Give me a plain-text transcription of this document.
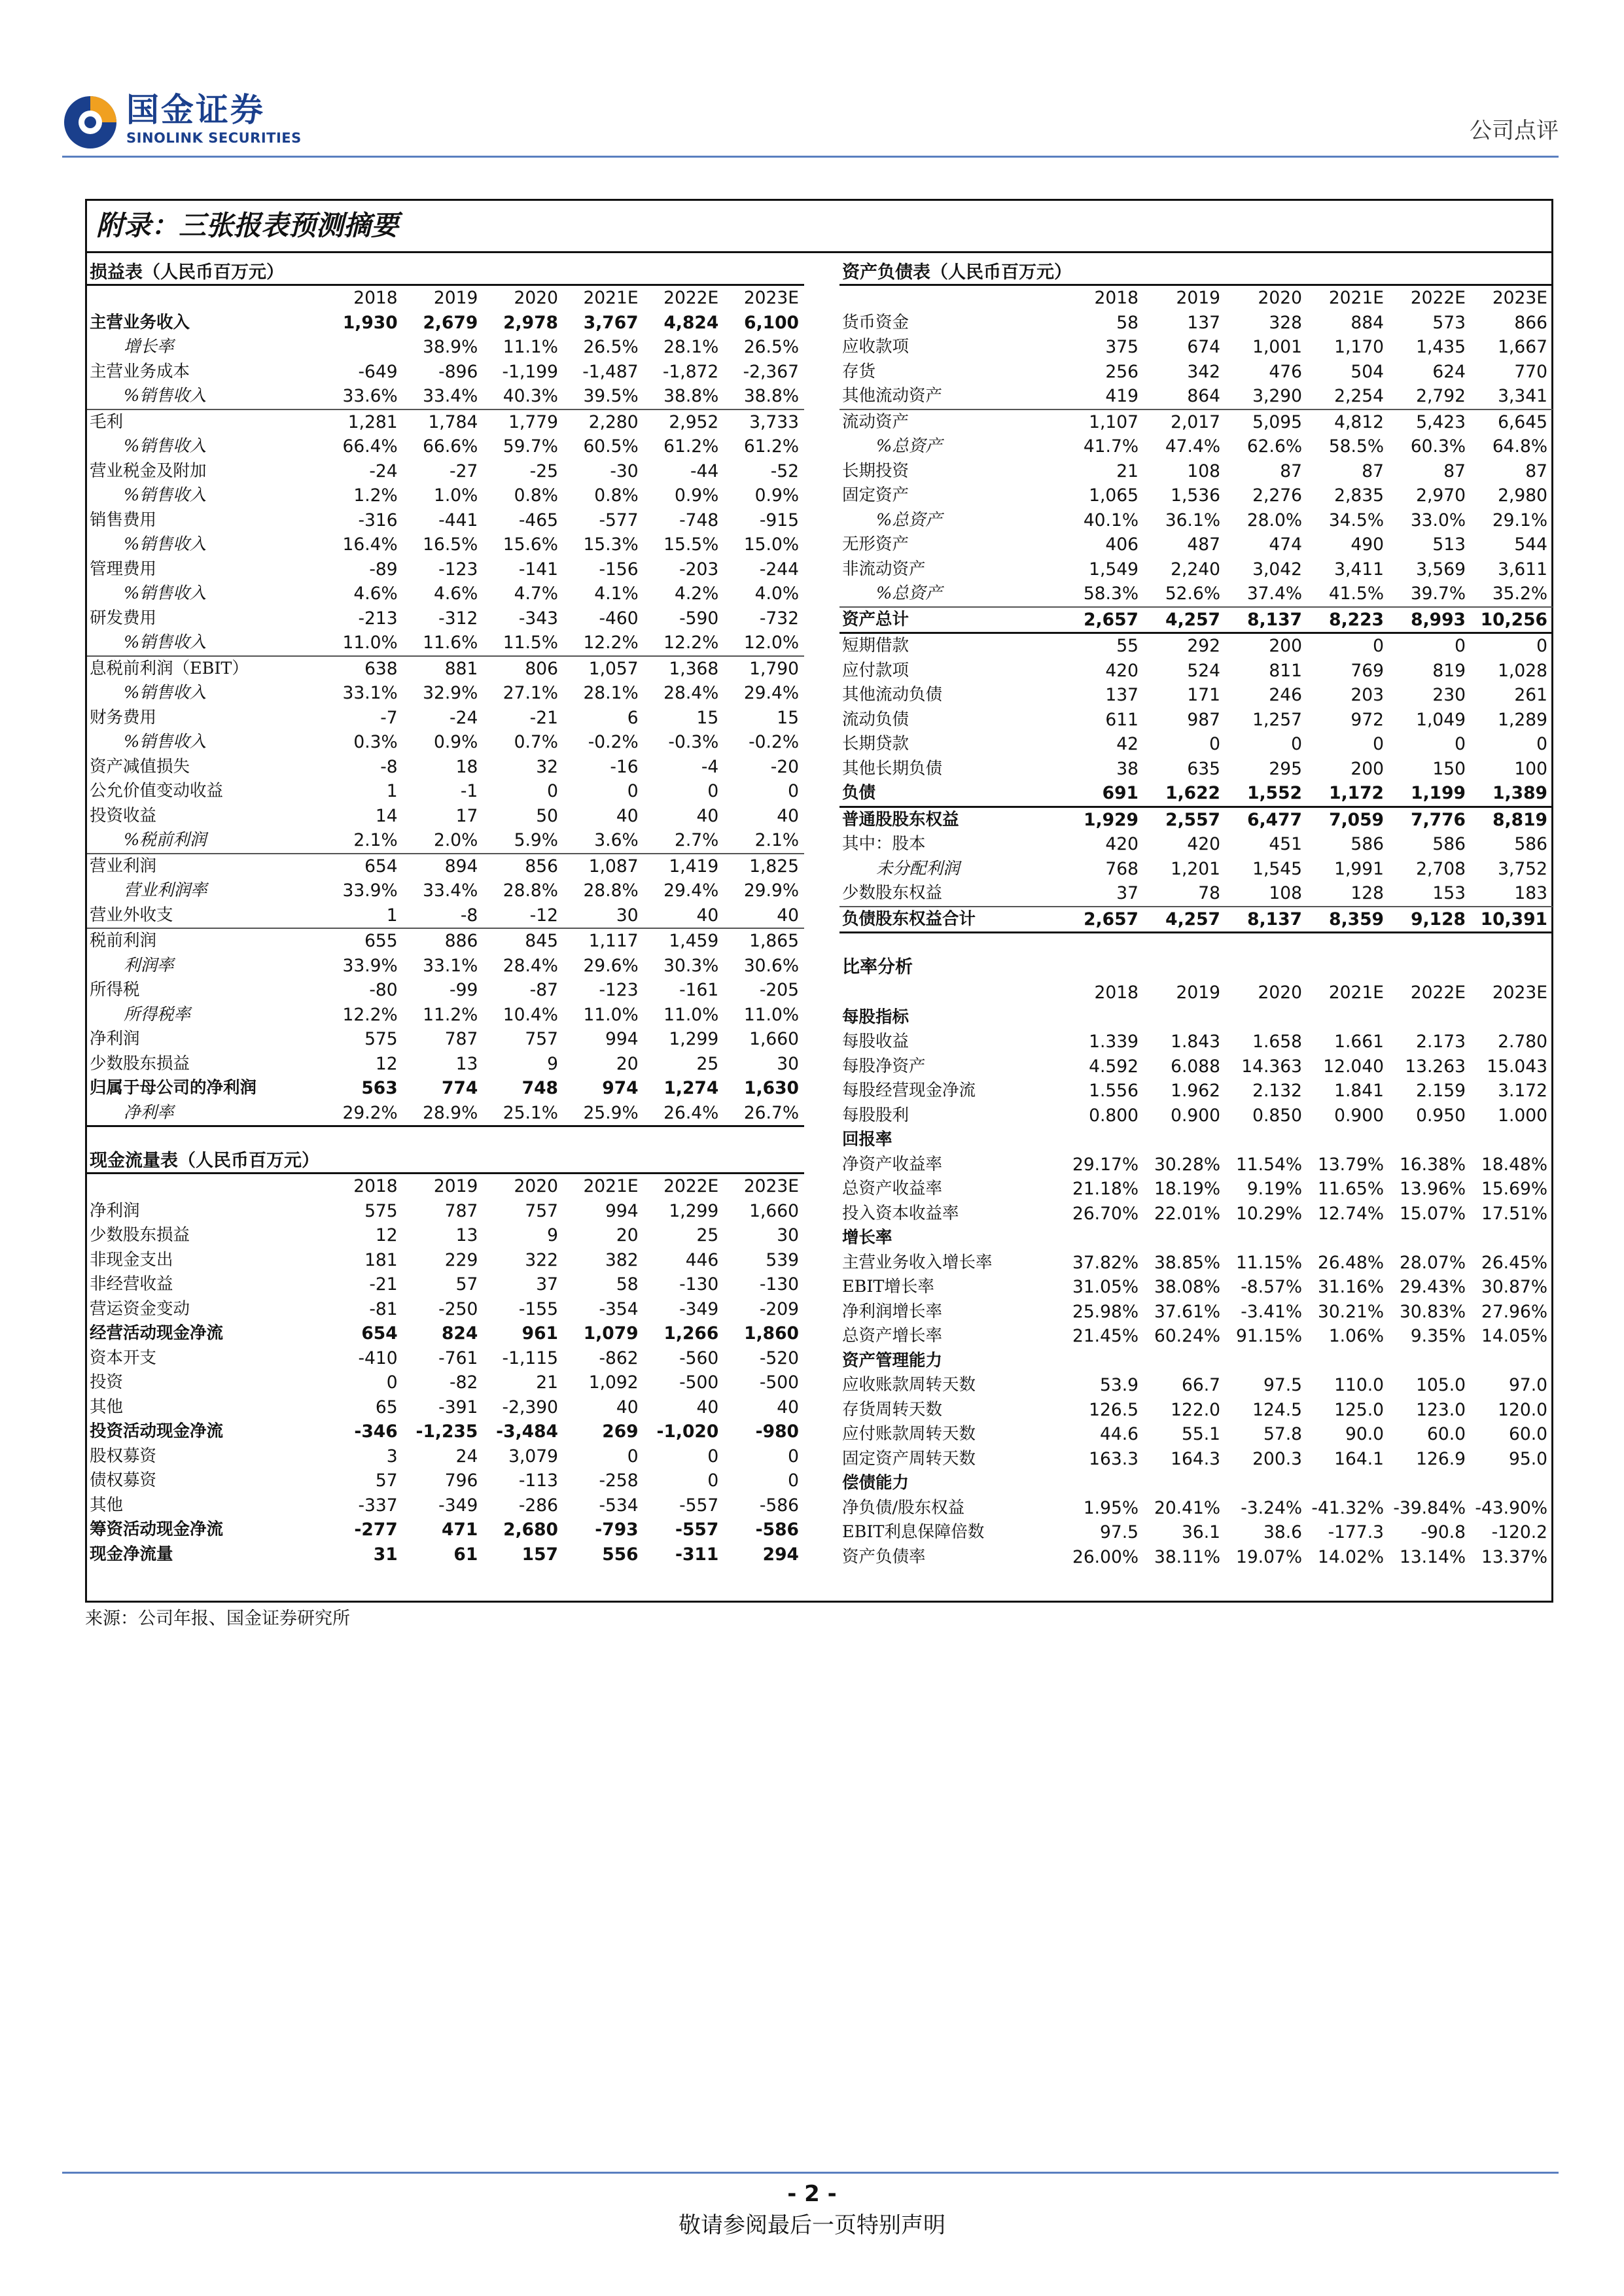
国金证券
SINOLINK SECURITIES	公司点评
附录：三张报表预测摘要
损益表（人民币百万元）
	2018	2019	2020	2021E	2022E	2023E
主营业务收入	1,930	2,679	2,978	3,767	4,824	6,100
增长率		38.9%	11.1%	26.5%	28.1%	26.5%
主营业务成本	-649	-896	-1,199	-1,487	-1,872	-2,367
%销售收入	33.6%	33.4%	40.3%	39.5%	38.8%	38.8%
毛利	1,281	1,784	1,779	2,280	2,952	3,733
%销售收入	66.4%	66.6%	59.7%	60.5%	61.2%	61.2%
营业税金及附加	-24	-27	-25	-30	-44	-52
%销售收入	1.2%	1.0%	0.8%	0.8%	0.9%	0.9%
销售费用	-316	-441	-465	-577	-748	-915
%销售收入	16.4%	16.5%	15.6%	15.3%	15.5%	15.0%
管理费用	-89	-123	-141	-156	-203	-244
%销售收入	4.6%	4.6%	4.7%	4.1%	4.2%	4.0%
研发费用	-213	-312	-343	-460	-590	-732
%销售收入	11.0%	11.6%	11.5%	12.2%	12.2%	12.0%
息税前利润（EBIT）	638	881	806	1,057	1,368	1,790
%销售收入	33.1%	32.9%	27.1%	28.1%	28.4%	29.4%
财务费用	-7	-24	-21	6	15	15
%销售收入	0.3%	0.9%	0.7%	-0.2%	-0.3%	-0.2%
资产减值损失	-8	18	32	-16	-4	-20
公允价值变动收益	1	-1	0	0	0	0
投资收益	14	17	50	40	40	40
%税前利润	2.1%	2.0%	5.9%	3.6%	2.7%	2.1%
营业利润	654	894	856	1,087	1,419	1,825
营业利润率	33.9%	33.4%	28.8%	28.8%	29.4%	29.9%
营业外收支	1	-8	-12	30	40	40
税前利润	655	886	845	1,117	1,459	1,865
利润率	33.9%	33.1%	28.4%	29.6%	30.3%	30.6%
所得税	-80	-99	-87	-123	-161	-205
所得税率	12.2%	11.2%	10.4%	11.0%	11.0%	11.0%
净利润	575	787	757	994	1,299	1,660
少数股东损益	12	13	9	20	25	30
归属于母公司的净利润	563	774	748	974	1,274	1,630
净利率	29.2%	28.9%	25.1%	25.9%	26.4%	26.7%
现金流量表（人民币百万元）
	2018	2019	2020	2021E	2022E	2023E
净利润	575	787	757	994	1,299	1,660
少数股东损益	12	13	9	20	25	30
非现金支出	181	229	322	382	446	539
非经营收益	-21	57	37	58	-130	-130
营运资金变动	-81	-250	-155	-354	-349	-209
经营活动现金净流	654	824	961	1,079	1,266	1,860
资本开支	-410	-761	-1,115	-862	-560	-520
投资	0	-82	21	1,092	-500	-500
其他	65	-391	-2,390	40	40	40
投资活动现金净流	-346	-1,235	-3,484	269	-1,020	-980
股权募资	3	24	3,079	0	0	0
债权募资	57	796	-113	-258	0	0
其他	-337	-349	-286	-534	-557	-586
筹资活动现金净流	-277	471	2,680	-793	-557	-586
现金净流量	31	61	157	556	-311	294
资产负债表（人民币百万元）
	2018	2019	2020	2021E	2022E	2023E
货币资金	58	137	328	884	573	866
应收款项	375	674	1,001	1,170	1,435	1,667
存货	256	342	476	504	624	770
其他流动资产	419	864	3,290	2,254	2,792	3,341
流动资产	1,107	2,017	5,095	4,812	5,423	6,645
%总资产	41.7%	47.4%	62.6%	58.5%	60.3%	64.8%
长期投资	21	108	87	87	87	87
固定资产	1,065	1,536	2,276	2,835	2,970	2,980
%总资产	40.1%	36.1%	28.0%	34.5%	33.0%	29.1%
无形资产	406	487	474	490	513	544
非流动资产	1,549	2,240	3,042	3,411	3,569	3,611
%总资产	58.3%	52.6%	37.4%	41.5%	39.7%	35.2%
资产总计	2,657	4,257	8,137	8,223	8,993	10,256
短期借款	55	292	200	0	0	0
应付款项	420	524	811	769	819	1,028
其他流动负债	137	171	246	203	230	261
流动负债	611	987	1,257	972	1,049	1,289
长期贷款	42	0	0	0	0	0
其他长期负债	38	635	295	200	150	100
负债	691	1,622	1,552	1,172	1,199	1,389
普通股股东权益	1,929	2,557	6,477	7,059	7,776	8,819
其中：股本	420	420	451	586	586	586
未分配利润	768	1,201	1,545	1,991	2,708	3,752
少数股东权益	37	78	108	128	153	183
负债股东权益合计	2,657	4,257	8,137	8,359	9,128	10,391
比率分析
	2018	2019	2020	2021E	2022E	2023E
每股指标						
每股收益	1.339	1.843	1.658	1.661	2.173	2.780
每股净资产	4.592	6.088	14.363	12.040	13.263	15.043
每股经营现金净流	1.556	1.962	2.132	1.841	2.159	3.172
每股股利	0.800	0.900	0.850	0.900	0.950	1.000
回报率						
净资产收益率	29.17%	30.28%	11.54%	13.79%	16.38%	18.48%
总资产收益率	21.18%	18.19%	9.19%	11.65%	13.96%	15.69%
投入资本收益率	26.70%	22.01%	10.29%	12.74%	15.07%	17.51%
增长率						
主营业务收入增长率	37.82%	38.85%	11.15%	26.48%	28.07%	26.45%
EBIT增长率	31.05%	38.08%	-8.57%	31.16%	29.43%	30.87%
净利润增长率	25.98%	37.61%	-3.41%	30.21%	30.83%	27.96%
总资产增长率	21.45%	60.24%	91.15%	1.06%	9.35%	14.05%
资产管理能力						
应收账款周转天数	53.9	66.7	97.5	110.0	105.0	97.0
存货周转天数	126.5	122.0	124.5	125.0	123.0	120.0
应付账款周转天数	44.6	55.1	57.8	90.0	60.0	60.0
固定资产周转天数	163.3	164.3	200.3	164.1	126.9	95.0
偿债能力						
净负债/股东权益	1.95%	20.41%	-3.24%	-41.32%	-39.84%	-43.90%
EBIT利息保障倍数	97.5	36.1	38.6	-177.3	-90.8	-120.2
资产负债率	26.00%	38.11%	19.07%	14.02%	13.14%	13.37%
来源：公司年报、国金证券研究所
- 2 -
敬请参阅最后一页特别声明
